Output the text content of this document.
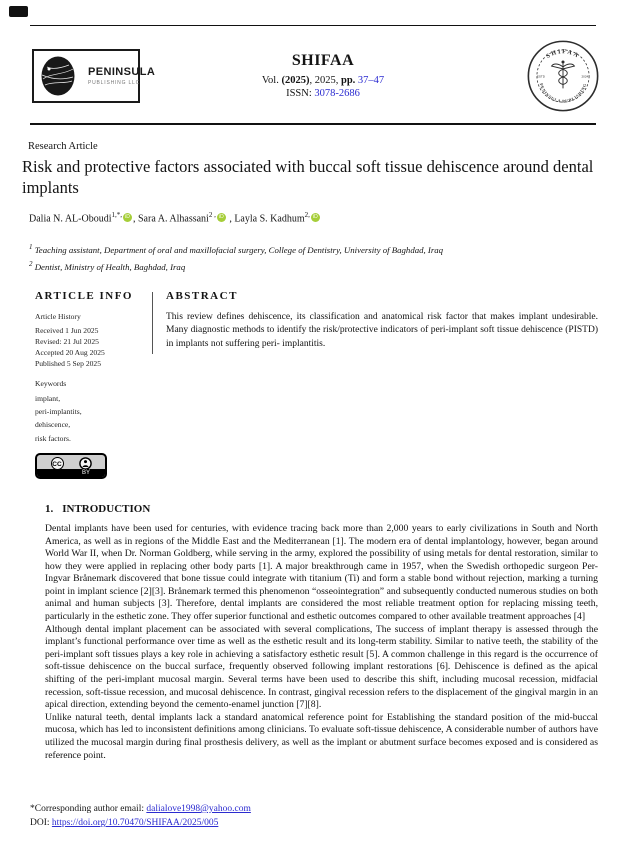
PENINSULA
PUBLISHING LLC
SHIFAA
Vol. (2025), 2025, pp. 37–47
ISSN: 3078-2686
SHIFAA
PENINSULA PUBLISHING
ESTD	2024
Research Article
Risk and protective factors associated with buccal soft tissue dehiscence around dental implants
Dalia N. AL-Oboudi$^{1,*,}$ iD , Sara A. Alhassani$^{2 ,}$ iD , Layla S. Kadhum$^{2,}$ iD
$^1$ Teaching assistant, Department of oral and maxillofacial surgery, College of Dentistry, University of Baghdad, Iraq
$^2$ Dentist, Ministry of Health, Baghdad, Iraq
ARTICLE INFO
Article History
Received 1 Jun 2025
Revised: 21 Jul 2025
Accepted 20 Aug 2025
Published 5 Sep 2025
Keywords
implant,
peri-implantits,
dehiscence,
risk factors.
CC
BY
ABSTRACT
This review defines dehiscence, its classification and anatomical risk factor that makes implant undesirable. Many diagnostic methods to identify the risk/protective indicators of peri-implant soft tissue dehiscence (PISTD) in implants not suffering peri- implantitis.
1. INTRODUCTION

Dental implants have been used for centuries, with evidence tracing back more than 2,000 years to early civilizations in South and North America, as well as in regions of the Middle East and the Mediterranean [1]. The modern era of dental implantology, however, began around World War II, when Dr. Norman Goldberg, while serving in the army, explored the possibility of using metals for dental restoration, similar to how they were applied in replacing other body parts [1]. A major breakthrough came in 1957, when the Swedish orthopedic surgeon Per-Ingvar Brånemark discovered that bone tissue could integrate with titanium (Ti) and form a stable bond without rejection, marking a turning point in implant science [2][3]. Brånemark termed this phenomenon “osseointegration” and subsequently conducted numerous studies on both animal and human subjects [3]. Therefore, dental implants are considered the most reliable treatment option for replacing missing teeth, particularly in the esthetic zone. They offer superior functional and esthetic outcomes compared to other available treatment approaches [4]

Although dental implant placement can be associated with several complications, The success of implant therapy is assessed through the implant’s functional performance over time as well as the esthetic result and its long-term stability. Similar to native teeth, the stability of the peri-implant soft tissues plays a key role in achieving a satisfactory esthetic result [5]. A common challenge in this regard is the occurrence of soft-tissue dehiscence on the buccal surface, frequently observed following implant restorations [6]. Dehiscence is defined as the apical shifting of the peri-implant mucosal margin. Several terms have been used to describe this shift, including mucosal recession, midfacial recession, soft-tissue recession, and mucosal dehiscence. In contrast, gingival recession refers to the displacement of the gingival margin in an apical direction, extending beyond the cemento-enamel junction [7][8].

Unlike natural teeth, dental implants lack a standard anatomical reference point for Establishing the standard position of the mid-buccal mucosa, which has led to inconsistent definitions among clinicians. To evaluate soft-tissue dehiscence, A considerable number of authors have utilized the mucosal margin during final prosthesis delivery, as well as the implant or abutment surface becomes exposed and is considered as reference point.

*Corresponding author email: dalialove1998@yahoo.com
DOI: https://doi.org/10.70470/SHIFAA/2025/005
